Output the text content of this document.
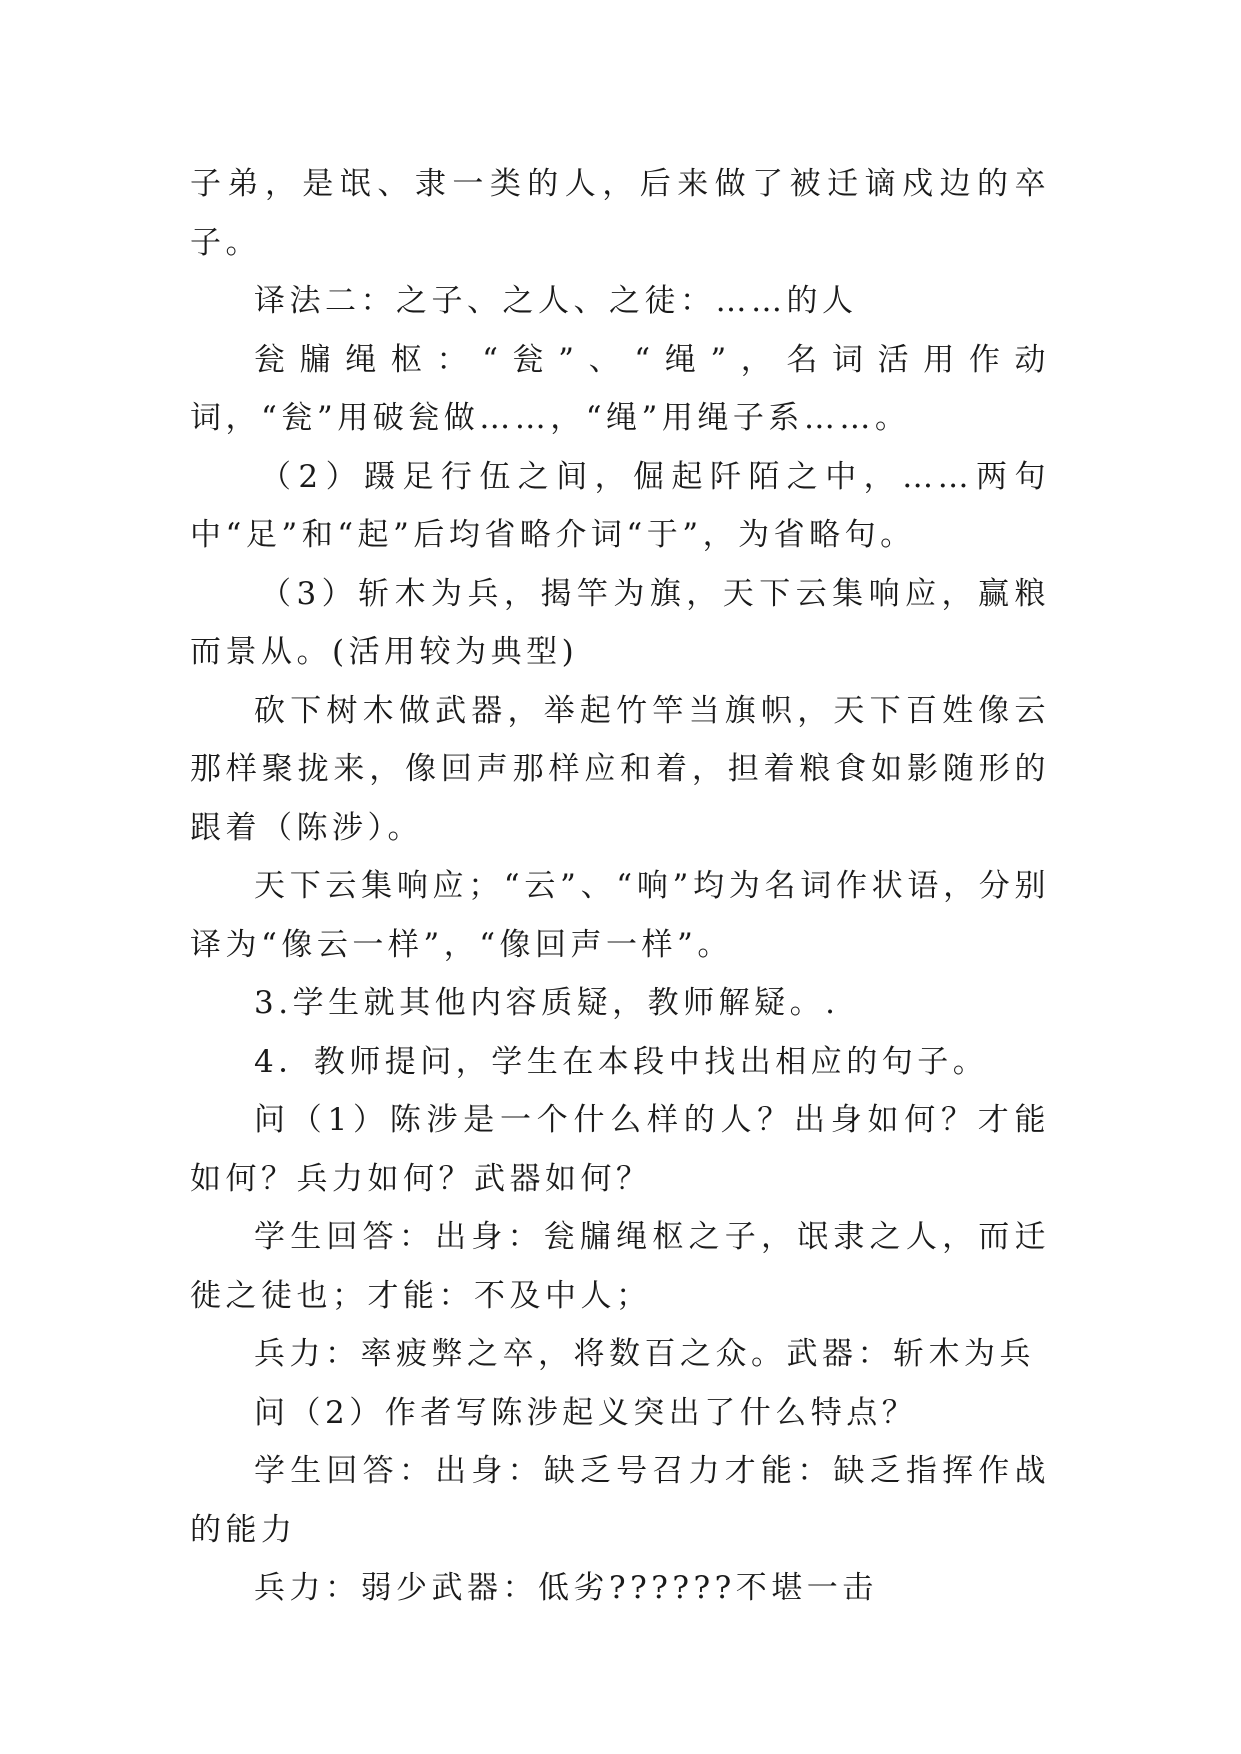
子弟，是氓、隶一类的人，后来做了被迁谪戍边的卒子。

译法二：之子、之人、之徒：……的人

瓮牖绳枢：“瓮”、“绳”，名词活用作动词，“瓮”用破瓮做……，“绳”用绳子系……。

（2）蹑足行伍之间，倔起阡陌之中，……两句中“足”和“起”后均省略介词“于”，为省略句。

（3）斩木为兵，揭竿为旗，天下云集响应，赢粮而景从。(活用较为典型)

砍下树木做武器，举起竹竿当旗帜，天下百姓像云那样聚拢来，像回声那样应和着，担着粮食如影随形的跟着（陈涉）。

天下云集响应；“云”、“响”均为名词作状语，分别译为“像云一样”，“像回声一样”。

3.学生就其他内容质疑，教师解疑。.

4．教师提问，学生在本段中找出相应的句子。

问（1）陈涉是一个什么样的人？出身如何？才能如何？兵力如何？武器如何？

学生回答：出身：瓮牖绳枢之子，氓隶之人，而迁徙之徒也；才能：不及中人；

兵力：率疲弊之卒，将数百之众。武器：斩木为兵

问（2）作者写陈涉起义突出了什么特点？

学生回答：出身：缺乏号召力才能：缺乏指挥作战的能力

兵力：弱少武器：低劣??????不堪一击
